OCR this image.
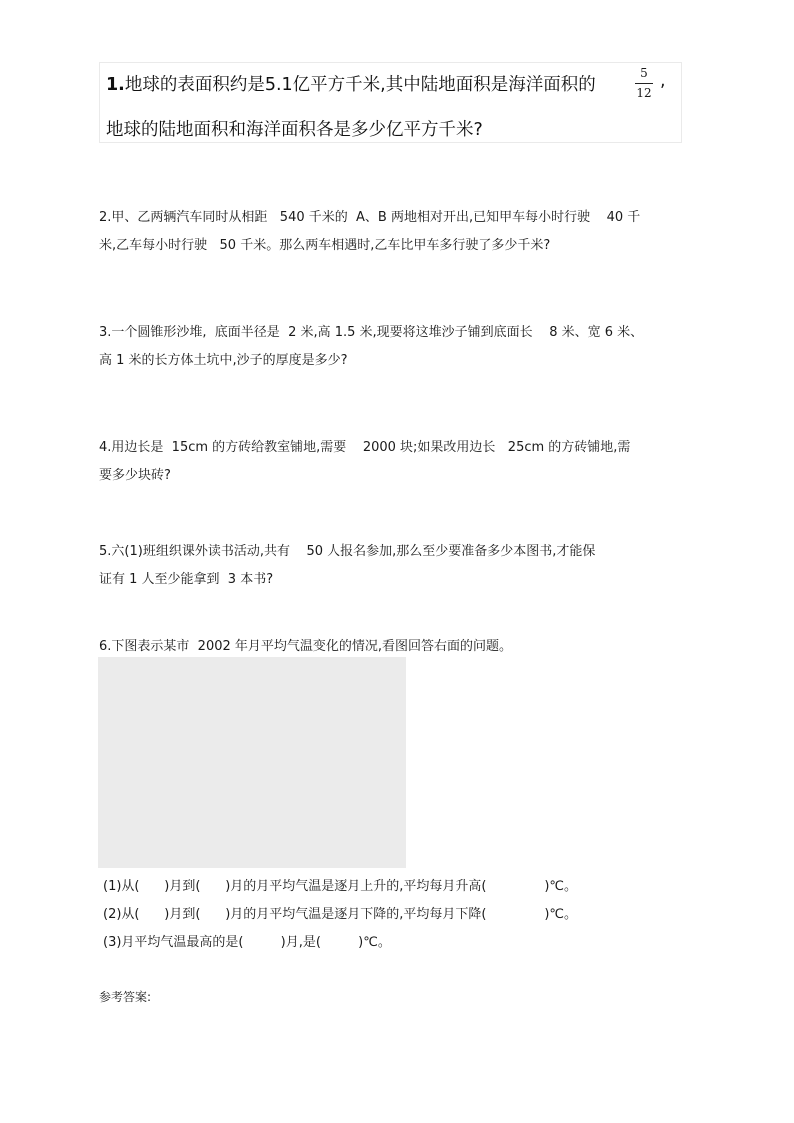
1.地球的表面积约是5.1亿平方千米,其中陆地面积是海洋面积的
5
12
,
地球的陆地面积和海洋面积各是多少亿平方千米?
2.甲、乙两辆汽车同时从相距   540 千米的  A、B 两地相对开出,已知甲车每小时行驶    40 千
米,乙车每小时行驶   50 千米。那么两车相遇时,乙车比甲车多行驶了多少千米?
3.一个圆锥形沙堆,  底面半径是  2 米,高 1.5 米,现要将这堆沙子铺到底面长    8 米、宽 6 米、
高 1 米的长方体土坑中,沙子的厚度是多少?
4.用边长是  15cm 的方砖给教室铺地,需要    2000 块;如果改用边长   25cm 的方砖铺地,需
要多少块砖?
5.六(1)班组织课外读书活动,共有    50 人报名参加,那么至少要准备多少本图书,才能保
证有 1 人至少能拿到  3 本书?
6.下图表示某市  2002 年月平均气温变化的情况,看图回答右面的问题。
(1)从(      )月到(      )月的月平均气温是逐月上升的,平均每月升高(              )℃。
(2)从(      )月到(      )月的月平均气温是逐月下降的,平均每月下降(              )℃。
(3)月平均气温最高的是(         )月,是(         )℃。
参考答案:
